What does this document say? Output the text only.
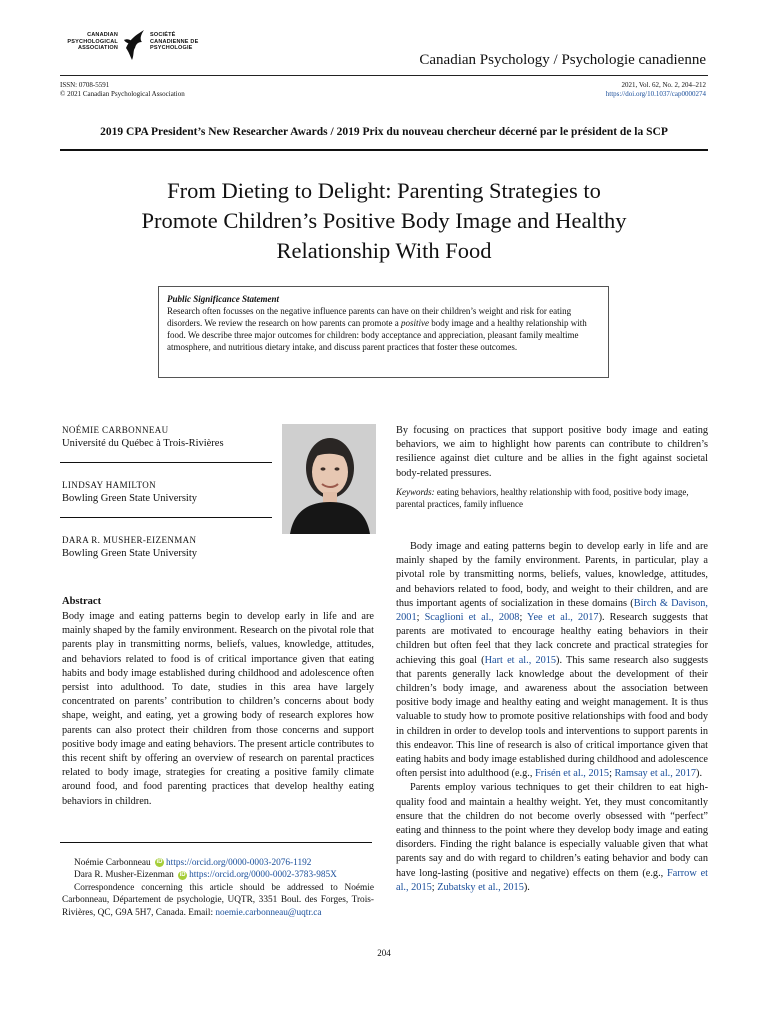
CANADIAN PSYCHOLOGICAL ASSOCIATION
SOCIÉTÉ CANADIENNE DE PSYCHOLOGIE
Canadian Psychology / Psychologie canadienne
ISSN: 0708-5591
© 2021 Canadian Psychological Association
2021, Vol. 62, No. 2, 204–212
https://doi.org/10.1037/cap0000274
2019 CPA President’s New Researcher Awards / 2019 Prix du nouveau chercheur décerné par le président de la SCP
From Dieting to Delight: Parenting Strategies to
Promote Children’s Positive Body Image and Healthy
Relationship With Food
Public Significance Statement
Research often focusses on the negative influence parents can have on their children’s weight and risk for eating disorders. We review the research on how parents can promote a positive body image and a healthy relationship with food. We describe three major outcomes for children: body acceptance and appreciation, pleasant family mealtime atmosphere, and nutritious dietary intake, and discuss parent practices that foster these outcomes.
NOÉMIE CARBONNEAU
Université du Québec à Trois-Rivières
LINDSAY HAMILTON
Bowling Green State University
DARA R. MUSHER-EIZENMAN
Bowling Green State University
Abstract

Body image and eating patterns begin to develop early in life and are mainly shaped by the family environment. Research on the pivotal role that parents play in transmitting norms, beliefs, values, knowledge, attitudes, and behaviors related to food is of critical importance given that eating habits and body image established during childhood and adolescence often persist into adulthood. To date, studies in this area have largely concentrated on parents’ contribution to children’s concerns about body shape, weight, and eating, yet a growing body of research explores how parents can also protect their children from those concerns and support positive body image and eating behaviors. The present article contributes to this recent shift by offering an overview of research on parental practices related to body image, strategies for creating a positive family climate around food, and food parenting practices that develop healthy eating behaviors in children.

By focusing on practices that support positive body image and eating behaviors, we aim to highlight how parents can contribute to children’s resilience against diet culture and be allies in the fight against societal body-related pressures.

Keywords: eating behaviors, healthy relationship with food, positive body image, parental practices, family influence

Body image and eating patterns begin to develop early in life and are mainly shaped by the family environment. Parents, in particular, play a pivotal role by transmitting norms, beliefs, values, knowledge, attitudes, and behaviors related to food, body, and weight to their children, and are thus important agents of socialization in these domains (Birch & Davison, 2001; Scaglioni et al., 2008; Yee et al., 2017). Research suggests that parents are motivated to encourage healthy eating behaviors in their children but often feel that they lack concrete and practical strategies for achieving this goal (Hart et al., 2015). This same research also suggests that parents generally lack knowledge about the development of their children’s body image, and awareness about the association between positive body image and healthy eating and weight management. It is thus valuable to study how to promote positive relationships with food and body in children in order to develop tools and interventions to support parents in this endeavor. This line of research is also of critical importance given that eating habits and body image established during childhood and adolescence often persist into adulthood (e.g., Frisén et al., 2015; Ramsay et al., 2017).

Parents employ various techniques to get their children to eat high-quality food and maintain a healthy weight. Yet, they must concomitantly ensure that the children do not become overly obsessed with “perfect” eating and thinness to the point where they develop body image and eating disorders. Finding the right balance is especially valuable given that what parents say and do with regard to children’s eating behavior and body can have long-lasting (positive and negative) effects on them (e.g., Farrow et al., 2015; Zubatsky et al., 2015).

Noémie Carbonneau iD https://orcid.org/0000-0003-2076-1192
Dara R. Musher-Eizenman iD https://orcid.org/0000-0002-3783-985X
Correspondence concerning this article should be addressed to Noémie Carbonneau, Département de psychologie, UQTR, 3351 Boul. des Forges, Trois-Rivières, QC, G9A 5H7, Canada. Email: noemie.carbonneau@uqtr.ca
204
